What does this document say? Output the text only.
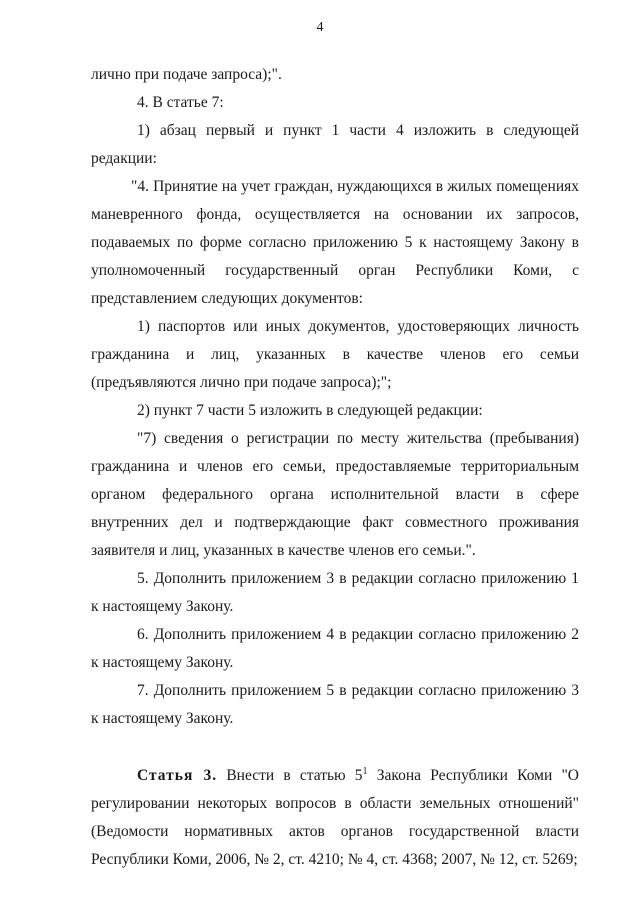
4

лично при подаче запроса);".

4. В статье 7:

1) абзац первый и пункт 1 части 4 изложить в следующей редакции:

"4. Принятие на учет граждан, нуждающихся в жилых помещениях маневренного фонда, осуществляется на основании их запросов, подаваемых по форме согласно приложению 5 к настоящему Закону в уполномоченный государственный орган Республики Коми, с представлением следующих документов:

1) паспортов или иных документов, удостоверяющих личность гражданина и лиц, указанных в качестве членов его семьи (предъявляются лично при подаче запроса);";

2) пункт 7 части 5 изложить в следующей редакции:

"7) сведения о регистрации по месту жительства (пребывания) гражданина и членов его семьи, предоставляемые территориальным органом федерального органа исполнительной власти в сфере внутренних дел и подтверждающие факт совместного проживания заявителя и лиц, указанных в качестве членов его семьи.".

5. Дополнить приложением 3 в редакции согласно приложению 1 к настоящему Закону.

6. Дополнить приложением 4 в редакции согласно приложению 2 к настоящему Закону.

7. Дополнить приложением 5 в редакции согласно приложению 3 к настоящему Закону.

Статья 3. Внести в статью $5^1$ Закона Республики Коми "О регулировании некоторых вопросов в области земельных отношений" (Ведомости нормативных актов органов государственной власти Республики Коми, 2006, № 2, ст. 4210; № 4, ст. 4368; 2007, № 12, ст. 5269;
